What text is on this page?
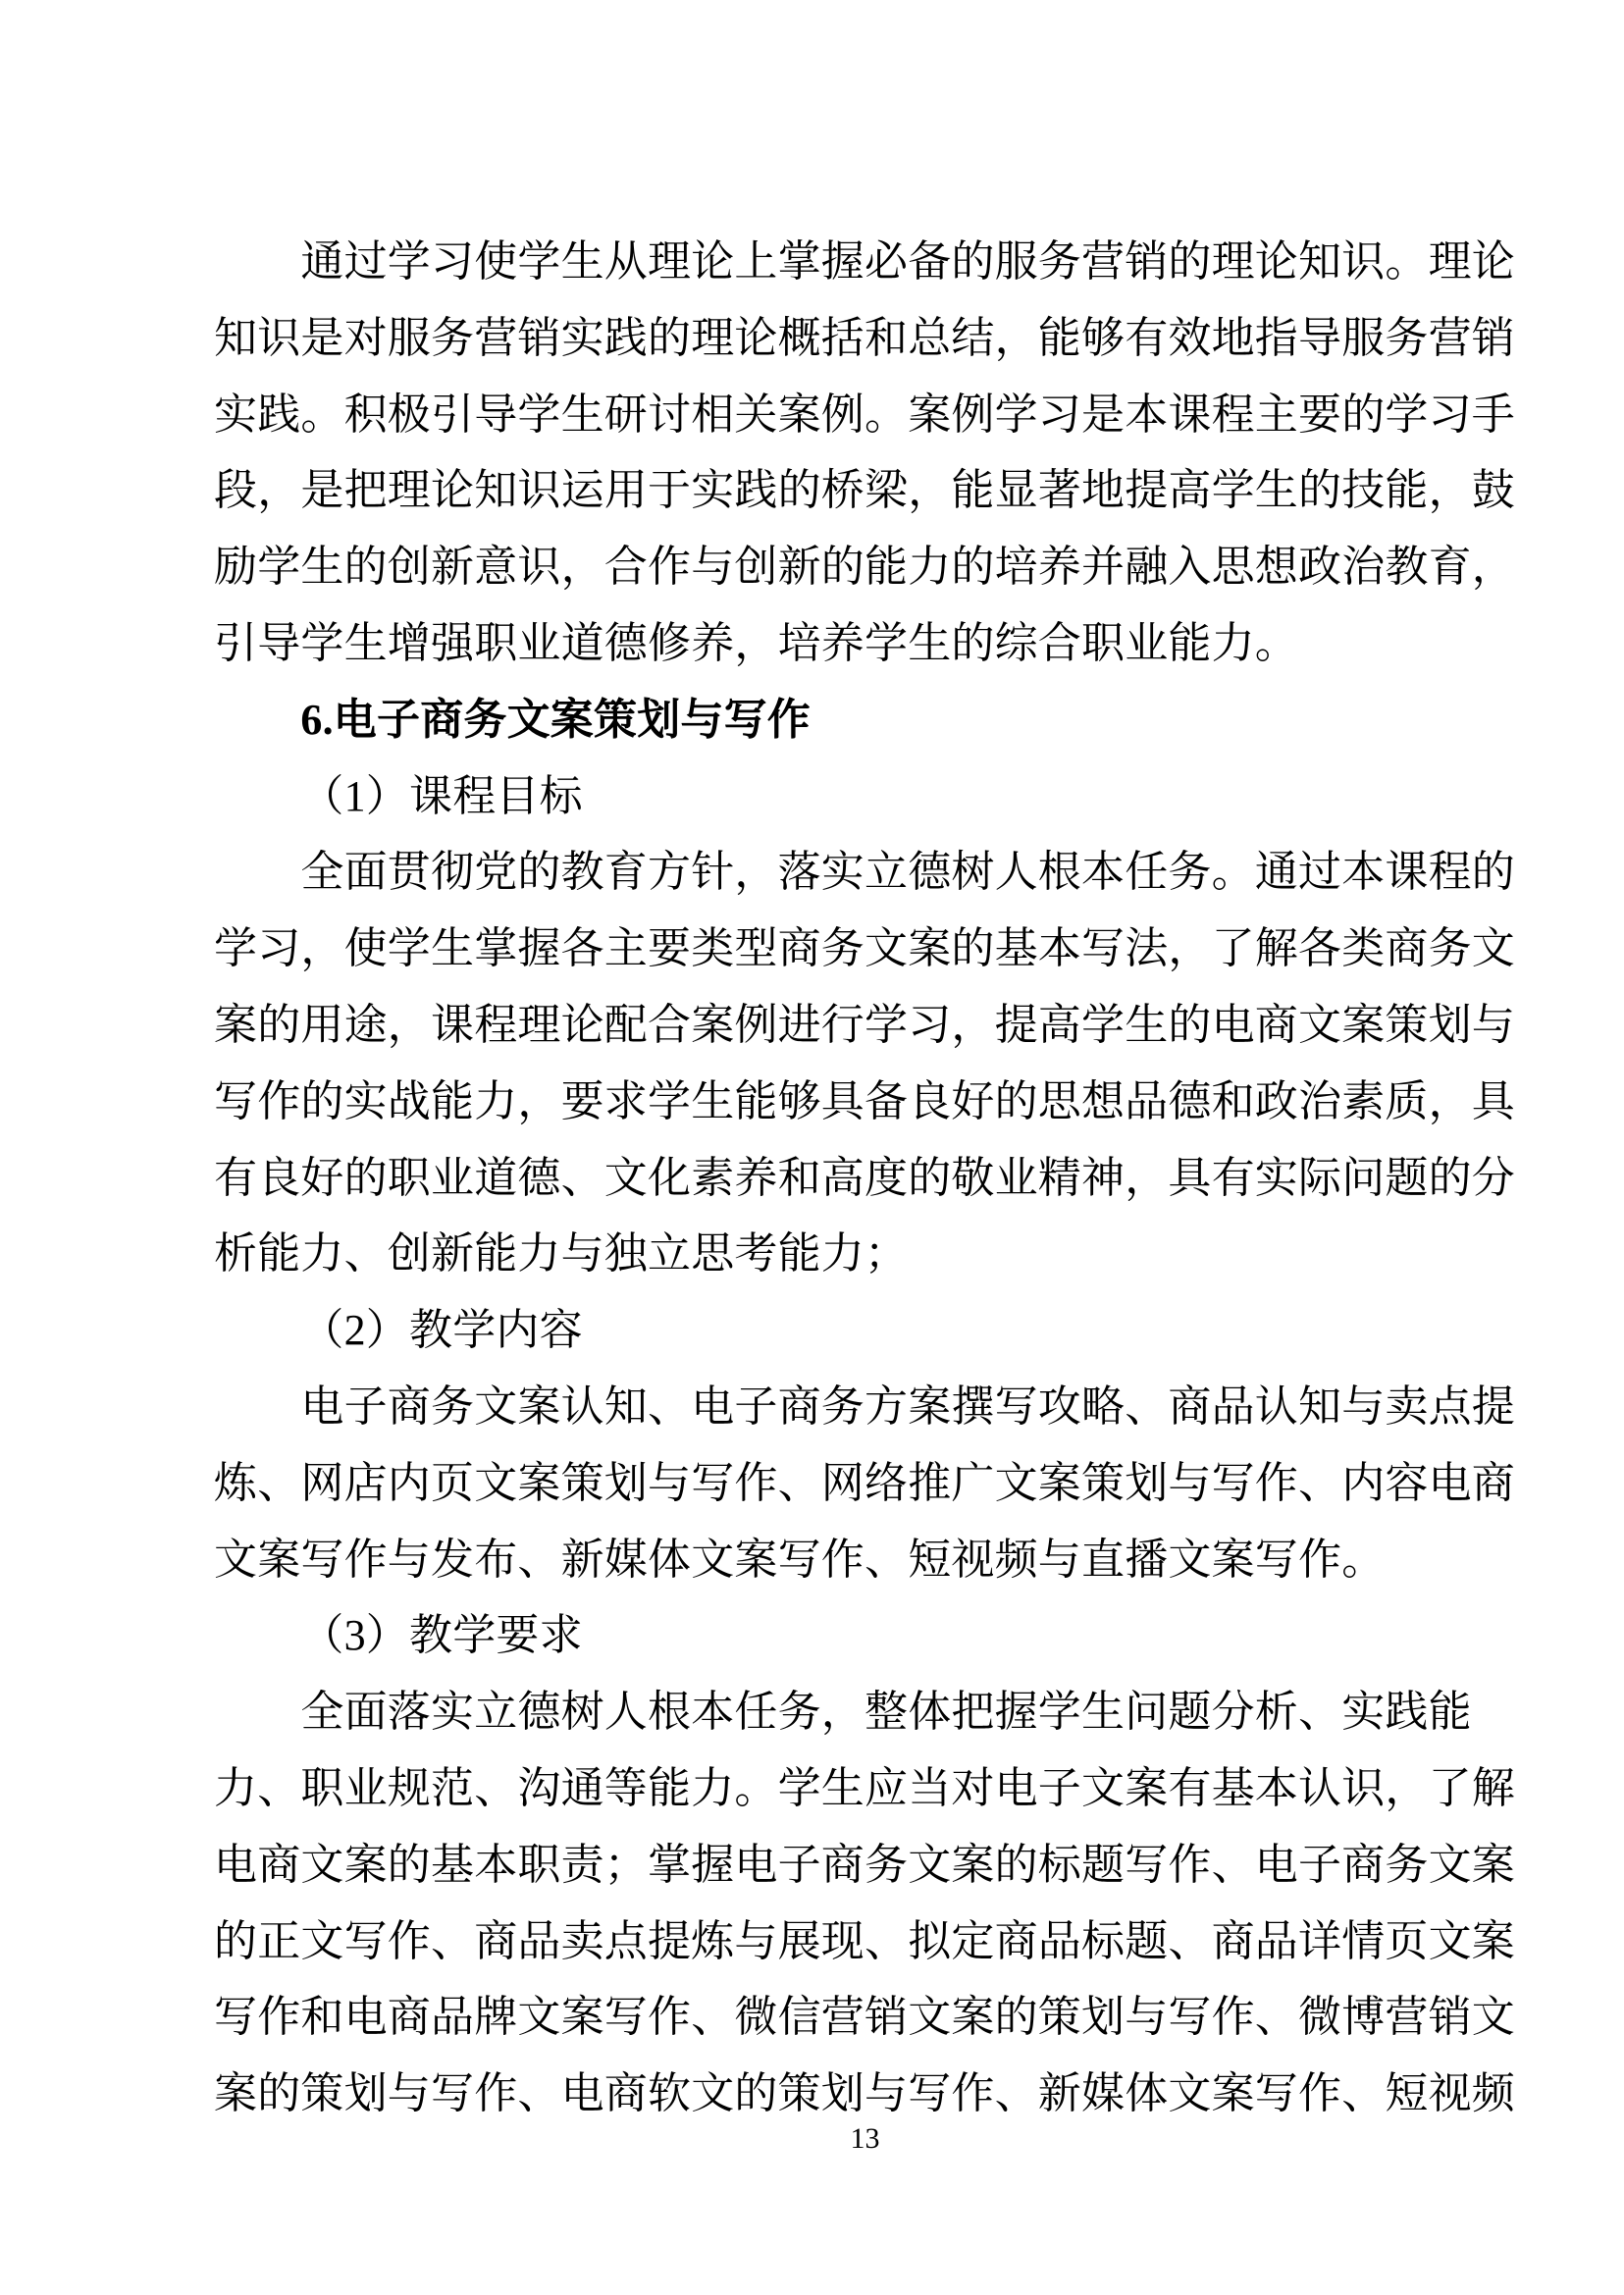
通过学习使学生从理论上掌握必备的服务营销的理论知识。理论
知识是对服务营销实践的理论概括和总结，能够有效地指导服务营销
实践。积极引导学生研讨相关案例。案例学习是本课程主要的学习手
段，是把理论知识运用于实践的桥梁，能显著地提高学生的技能，鼓
励学生的创新意识，合作与创新的能力的培养并融入思想政治教育，
引导学生增强职业道德修养，培养学生的综合职业能力。
6.电子商务文案策划与写作
（1）课程目标
全面贯彻党的教育方针，落实立德树人根本任务。通过本课程的
学习，使学生掌握各主要类型商务文案的基本写法，了解各类商务文
案的用途，课程理论配合案例进行学习，提高学生的电商文案策划与
写作的实战能力，要求学生能够具备良好的思想品德和政治素质，具
有良好的职业道德、文化素养和高度的敬业精神，具有实际问题的分
析能力、创新能力与独立思考能力；
（2）教学内容
电子商务文案认知、电子商务方案撰写攻略、商品认知与卖点提
炼、网店内页文案策划与写作、网络推广文案策划与写作、内容电商
文案写作与发布、新媒体文案写作、短视频与直播文案写作。
（3）教学要求
全面落实立德树人根本任务，整体把握学生问题分析、实践能
力、职业规范、沟通等能力。学生应当对电子文案有基本认识，了解
电商文案的基本职责；掌握电子商务文案的标题写作、电子商务文案
的正文写作、商品卖点提炼与展现、拟定商品标题、商品详情页文案
写作和电商品牌文案写作、微信营销文案的策划与写作、微博营销文
案的策划与写作、电商软文的策划与写作、新媒体文案写作、短视频
13
